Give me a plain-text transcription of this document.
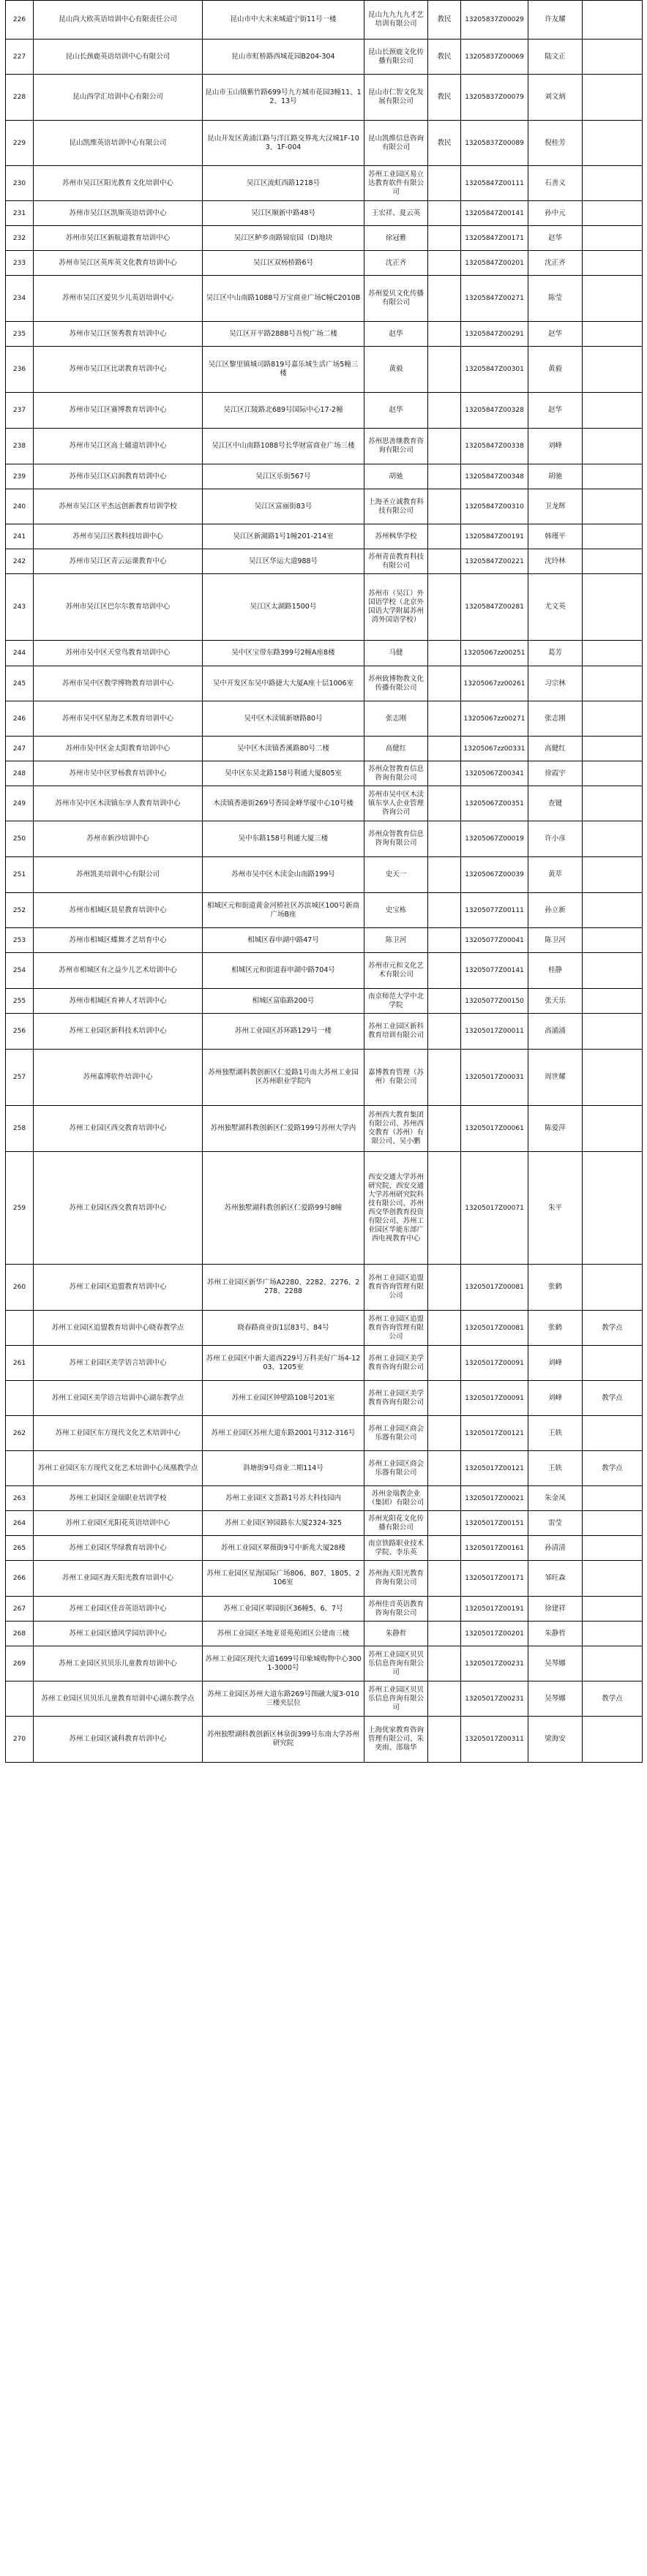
226	昆山尚大欧英语培训中心有限责任公司	昆山市中大未来城道宁街11号一楼	昆山九九九九才艺培训有限公司	教民	13205837Z00029	许友耀	
227	昆山长颈鹿英语培训中心有限公司	昆山市虹桥路西城花园B204-304	昆山长颈鹿文化传播有限公司	教民	13205837Z00069	陆文正	
228	昆山西学汇培训中心有限公司	昆山市玉山镇紫竹路699号九方城市花园3幢11、12、13号	昆山市仁智文化发展有限公司	教民	13205837Z00079	刘文炳	
229	昆山凯维英语培训中心有限公司	昆山开发区黄浦江路与洋江路交界兆大汉城1F-103、1F-004	昆山凯维信息咨询有限公司	教民	13205837Z00089	倪桂芳	
230	苏州市吴江区阳光教育文化培训中心	吴江区流虹西路1218号	苏州工业园区易立达教育软件有限公司		13205847Z00111	石善义	
231	苏州市吴江区凯斯英语培训中心	吴江区顺新中路48号	王宏祥、夏云英		13205847Z00141	孙中元	
232	苏州市吴江区新航道教育培训中心	吴江区鲈乡南路锦宸园（D)地块	徐冠雅		13205847Z00171	赵华	
233	苏州市吴江区英库英文化教育培训中心	吴江区双杨桥路6号	沈正齐		13205847Z00201	沈正齐	
234	苏州市吴江区爱贝少儿英语培训中心	吴江区中山南路1088号万宝商业广场C幢C2010B	苏州爱贝文化传播有限公司		13205847Z00271	陈莹	
235	苏州市吴江区领秀教育培训中心	吴江区开平路2888号吾悦广场二楼	赵华		13205847Z00291	赵华	
236	苏州市吴江区比诺教育培训中心	吴江区黎里镇城司路819号嘉乐城生活广场5幢三楼	黄毅		13205847Z00301	黄毅	
237	苏州市吴江区赛博教育培训中心	吴江区江陵路北689号国际中心17-2幢	赵华		13205847Z00328	赵华	
238	苏州市吴江区高士辅道培训中心	吴江区中山南路1088号长华财富商业广场三楼	苏州思善继教育咨询有限公司		13205847Z00338	刘峰	
239	苏州市吴江区启润教育培训中心	吴江区乐街567号	胡驰		13205847Z00348	胡驰	
240	苏州市吴江区平杰远创新教育培训学校	吴江区富丽街83号	上海圣立诚教育科技有限公司		13205847Z00310	卫龙辉	
241	苏州市吴江区教科技培训中心	吴江区新湖路1号1幢201-214室	苏州枫华学校		13205847Z00191	韩瑾平	
242	苏州市吴江区青云运课教育中心	吴江区华运大道988号	苏州青苗教育科技有限公司		13205847Z00221	沈玲林	
243	苏州市吴江区巴尔尔教育培训中心	吴江区太湖路1500号	苏州市（吴江）外国语学校（北京外国语大学附属苏州湾外国语学校）		13205847Z00281	尤文英	
244	苏州市吴中区天堂鸟教育培训中心	吴中区宝带东路399号2幢A座8楼	马健		13205067zz00251	葛芳	
245	苏州市吴中区教学博物教育培训中心	吴中开发区东吴中路捷大大厦A座十层1006室	苏州致博物教文化传播有限公司		13205067zz00261	习宗林	
246	苏州市吴中区星海艺术教育培训中心	吴中区木渎镇新塘路80号	张志刚		13205067zz00271	张志刚	
247	苏州市吴中区金太阳教育培训中心	吴中区木渎镇香溪路80号二楼	高健红		13205067zz00331	高健红	
248	苏州市吴中区罗杨教育培训中心	吴中区东吴北路158号利通大厦805室	苏州众智教育信息咨询有限公司		13205067Z00341	徐霞宇	
249	苏州市吴中区木渎镇东享人教育培训中心	木渎镇香港街269号香园金峰华厦中心10号楼	苏州市吴中区木渎镇东享人企业管理咨询公司		13205067Z00351	查键	
250	苏州市新沙培训中心	吴中东路158号利通大厦三楼	苏州众智教育信息咨询有限公司		13205067Z00019	许小彦	
251	苏州凯美培训中心有限公司	苏州市吴中区木渎金山南路199号	史天一		13205067Z00039	黄萃	
252	苏州市相城区晨星教育培训中心	相城区元和街道黄金河桥社区苏滨城区100号新商广场B座	史宝栋		13205077Z00111	孙立新	
253	苏州市相城区蝶舞才艺培育中心	相城区春申湖中路47号	陈卫河		13205077Z00041	陈卫河	
254	苏州市相城区有之益少儿艺术培训中心	相城区元和街道春申湖中路704号	苏州市元和文化艺术有限公司		13205077Z00141	桂静	
255	苏州市相城区育神人才培训中心	相城区富临路200号	南京师范大学中北学院		13205077Z00150	张天乐	
256	苏州工业园区新科技术培训中心	苏州工业园区苏环路129号一楼	苏州工业园区新科教育培训有限公司		13205017Z00011	高涌涌	
257	苏州嘉博软件培训中心	苏州独墅湖科教创新区仁爱路1号南大苏州工业园区苏州职业学院内	嘉博教育管理（苏州）有限公司		13205017Z00031	周世耀	
258	苏州工业园区西交教育培训中心	苏州独墅湖科教创新区仁爱路199号苏州大学内	苏州西大教育集团有限公司、苏州西交教育（苏州）有限公司、吴小鹏		13205017Z00061	陈爱萍	
259	苏州工业园区西交教育培训中心	苏州独墅湖科教创新区仁爱路99号8幢	西安交通大学苏州研究院、西安交通大学苏州研究院科技有限公司、苏州西交华创教育投资有限公司、苏州工业园区华能东部广西电视教育中心		13205017Z00071	朱平	
260	苏州工业园区追盟教育培训中心	苏州工业园区新华广场A2280、2282、2276、2278、2288	苏州工业园区追盟教育咨询管理有限公司		13205017Z00081	张鹤	
	苏州工业园区追盟教育培训中心晓春教学点	晓春路商业街1层83号、84号	苏州工业园区追盟教育咨询管理有限公司		13205017Z00081	张鹤	教学点
261	苏州工业园区美学语言培训中心	苏州工业园区中新大道西229号万科美好广场4-1203、1205室	苏州工业园区美学教育咨询有限公司		13205017Z00091	刘峰	
	苏州工业园区美学语言培训中心湖东教学点	苏州工业园区钟壁路108号201室	苏州工业园区美学教育咨询有限公司		13205017Z00091	刘峰	教学点
262	苏州工业园区东方现代文化艺术培训中心	苏州工业园区苏州大道东路2001号312-316号	苏州工业园区商会乐器有限公司		13205017Z00121	王轶	
	苏州工业园区东方现代文化艺术培训中心凤凰教学点	斜塘街9号商业二期114号	苏州工业园区商会乐器有限公司		13205017Z00121	王轶	教学点
263	苏州工业园区金瑞职业培训学校	苏州工业园区文荟路1号苏大科技园内	苏州金瑞教企业（集团）有限公司		13205017Z00021	朱金凤	
264	苏州工业园区光阳花英语培训中心	苏州工业园区钟园路东大厦2324-325	苏州光阳花文化传播有限公司		13205017Z00151	雷莹	
265	苏州工业园区华绿教育培训中心	苏州工业园区翠薇街9号中新兆大厦28楼	南京铁路职业技术学院、李乐英		13205017Z00161	孙清清	
266	苏州工业园区海天阳光教育培训中心	苏州工业园区星海国际广场806、807、1805、2106室	苏州海天阳光教育咨询有限公司		13205017Z00171	邹旺森	
267	苏州工业园区佳音英语培训中心	苏州工业园区翠园街区36幢5、6、7号	苏州佳音英语教育咨询有限公司		13205017Z00191	徐建祥	
268	苏州工业园区德风学园培训中心	苏州工业园区圣地亚哥苑苑团区公建南三楼	朱静哲		13205017Z00201	朱静哲	
269	苏州工业园区贝贝乐儿童教育培训中心	苏州工业园区现代大道1699号印象城购物中心3001-3000号	苏州工业园区贝贝乐信息咨询有限公司		13205017Z00231	吴琴娜	
	苏州工业园区贝贝乐儿童教育培训中心湖东教学点	苏州工业园区苏州大道东路269号图融大厦3-010三楼夹层位	苏州工业园区贝贝乐信息咨询有限公司		13205017Z00231	吴琴娜	教学点
270	苏州工业园区诚科教育培训中心	苏州独墅湖科教创新区林泉街399号东南大学苏州研究院	上海优家教育咨询管理有限公司、朱奕雨、邵瑞华		13205017Z00311	梁海安	
